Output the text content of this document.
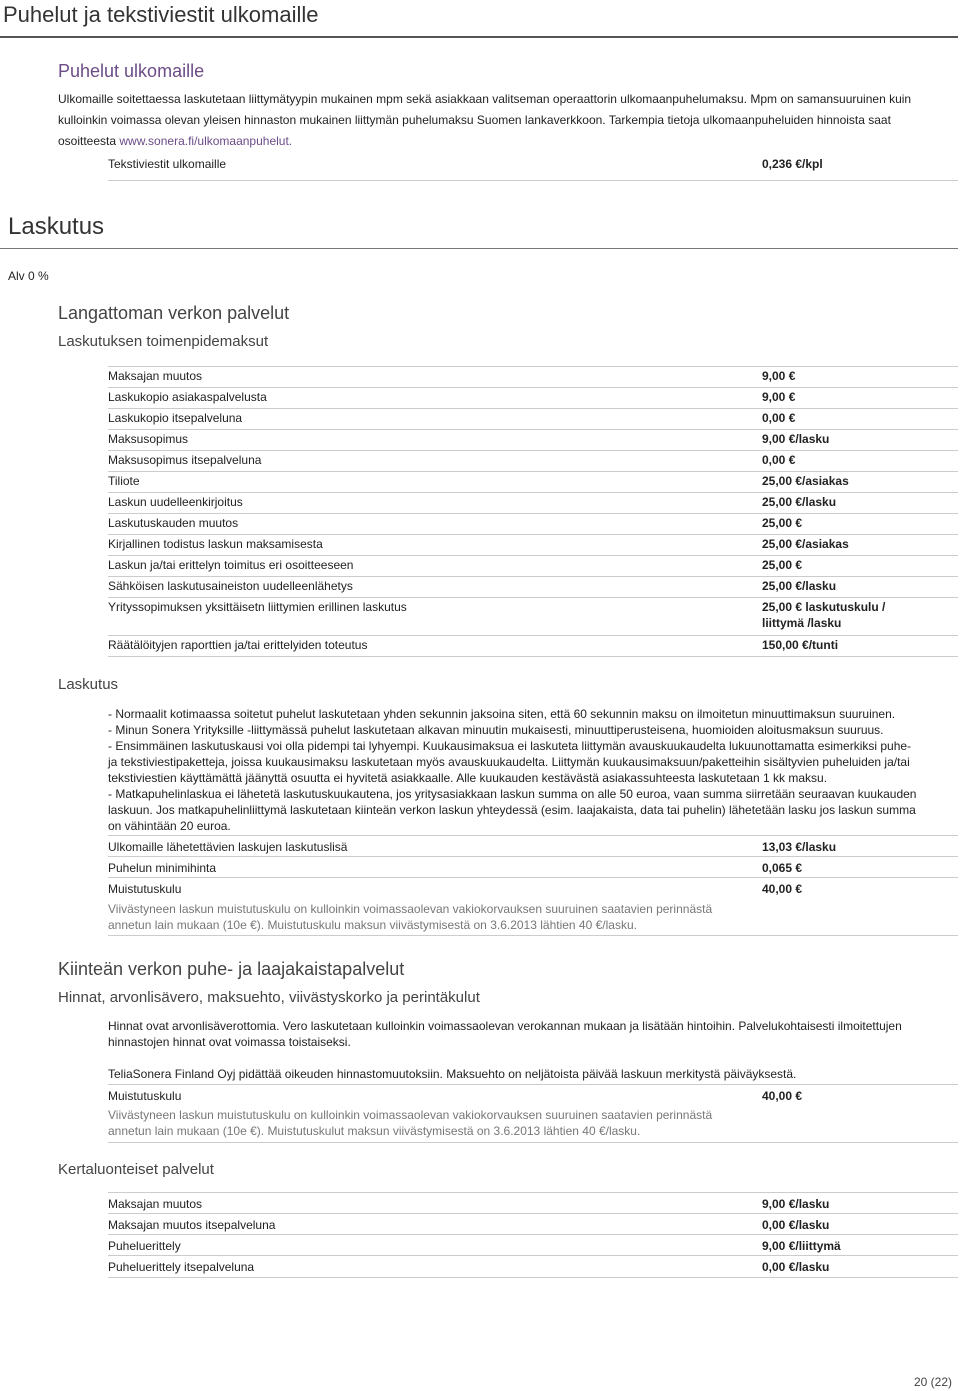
Puhelut ja tekstiviestit ulkomaille
Puhelut ulkomaille
Ulkomaille soitettaessa laskutetaan liittymätyypin mukainen mpm sekä asiakkaan valitseman operaattorin ulkomaanpuhelumaksu. Mpm on samansuuruinen kuin
kulloinkin voimassa olevan yleisen hinnaston mukainen liittymän puhelumaksu Suomen lankaverkkoon. Tarkempia tietoja ulkomaanpuheluiden hinnoista saat
osoitteesta www.sonera.fi/ulkomaanpuhelut.
Tekstiviestit ulkomaille	0,236 €/kpl
Laskutus
Alv 0 %
Langattoman verkon palvelut
Laskutuksen toimenpidemaksut
Maksajan muutos	9,00 €
Laskukopio asiakaspalvelusta	9,00 €
Laskukopio itsepalveluna	0,00 €
Maksusopimus	9,00 €/lasku
Maksusopimus itsepalveluna	0,00 €
Tiliote	25,00 €/asiakas
Laskun uudelleenkirjoitus	25,00 €/lasku
Laskutuskauden muutos	25,00 €
Kirjallinen todistus laskun maksamisesta	25,00 €/asiakas
Laskun ja/tai erittelyn toimitus eri osoitteeseen	25,00 €
Sähköisen laskutusaineiston uudelleenlähetys	25,00 €/lasku
Yrityssopimuksen yksittäisetn liittymien erillinen laskutus	25,00 € laskutuskulu /
liittymä /lasku
Räätälöityjen raporttien ja/tai erittelyiden toteutus	150,00 €/tunti
Laskutus
- Normaalit kotimaassa soitetut puhelut laskutetaan yhden sekunnin jaksoina siten, että 60 sekunnin maksu on ilmoitetun minuuttimaksun suuruinen.
- Minun Sonera Yrityksille -liittymässä puhelut laskutetaan alkavan minuutin mukaisesti, minuuttiperusteisena, huomioiden aloitusmaksun suuruus.
- Ensimmäinen laskutuskausi voi olla pidempi tai lyhyempi. Kuukausimaksua ei laskuteta liittymän avauskuukaudelta lukuunottamatta esimerkiksi puhe-
ja tekstiviestipaketteja, joissa kuukausimaksu laskutetaan myös avauskuukaudelta. Liittymän kuukausimaksuun/paketteihin sisältyvien puheluiden ja/tai
tekstiviestien käyttämättä jäänyttä osuutta ei hyvitetä asiakkaalle. Alle kuukauden kestävästä asiakassuhteesta laskutetaan 1 kk maksu.
- Matkapuhelinlaskua ei lähetetä laskutuskuukautena, jos yritysasiakkaan laskun summa on alle 50 euroa, vaan summa siirretään seuraavan kuukauden
laskuun. Jos matkapuhelinliittymä laskutetaan kiinteän verkon laskun yhteydessä (esim. laajakaista, data tai puhelin) lähetetään lasku jos laskun summa
on vähintään 20 euroa.
Ulkomaille lähetettävien laskujen laskutuslisä	13,03 €/lasku
Puhelun minimihinta	0,065 €
Muistutuskulu	40,00 €
Viivästyneen laskun muistutuskulu on kulloinkin voimassaolevan vakiokorvauksen suuruinen saatavien perinnästä
annetun lain mukaan (10e €). Muistutuskulu maksun viivästymisestä on 3.6.2013 lähtien 40 €/lasku.
Kiinteän verkon puhe- ja laajakaistapalvelut
Hinnat, arvonlisävero, maksuehto, viivästyskorko ja perintäkulut
Hinnat ovat arvonlisäverottomia. Vero laskutetaan kulloinkin voimassaolevan verokannan mukaan ja lisätään hintoihin. Palvelukohtaisesti ilmoitettujen
hinnastojen hinnat ovat voimassa toistaiseksi.
TeliaSonera Finland Oyj pidättää oikeuden hinnastomuutoksiin. Maksuehto on neljätoista päivää laskuun merkitystä päiväyksestä.
Muistutuskulu	40,00 €
Viivästyneen laskun muistutuskulu on kulloinkin voimassaolevan vakiokorvauksen suuruinen saatavien perinnästä
annetun lain mukaan (10e €). Muistutuskulut maksun viivästymisestä on 3.6.2013 lähtien 40 €/lasku.
Kertaluonteiset palvelut
Maksajan muutos	9,00 €/lasku
Maksajan muutos itsepalveluna	0,00 €/lasku
Puheluerittely	9,00 €/liittymä
Puheluerittely itsepalveluna	0,00 €/lasku
20 (22)
